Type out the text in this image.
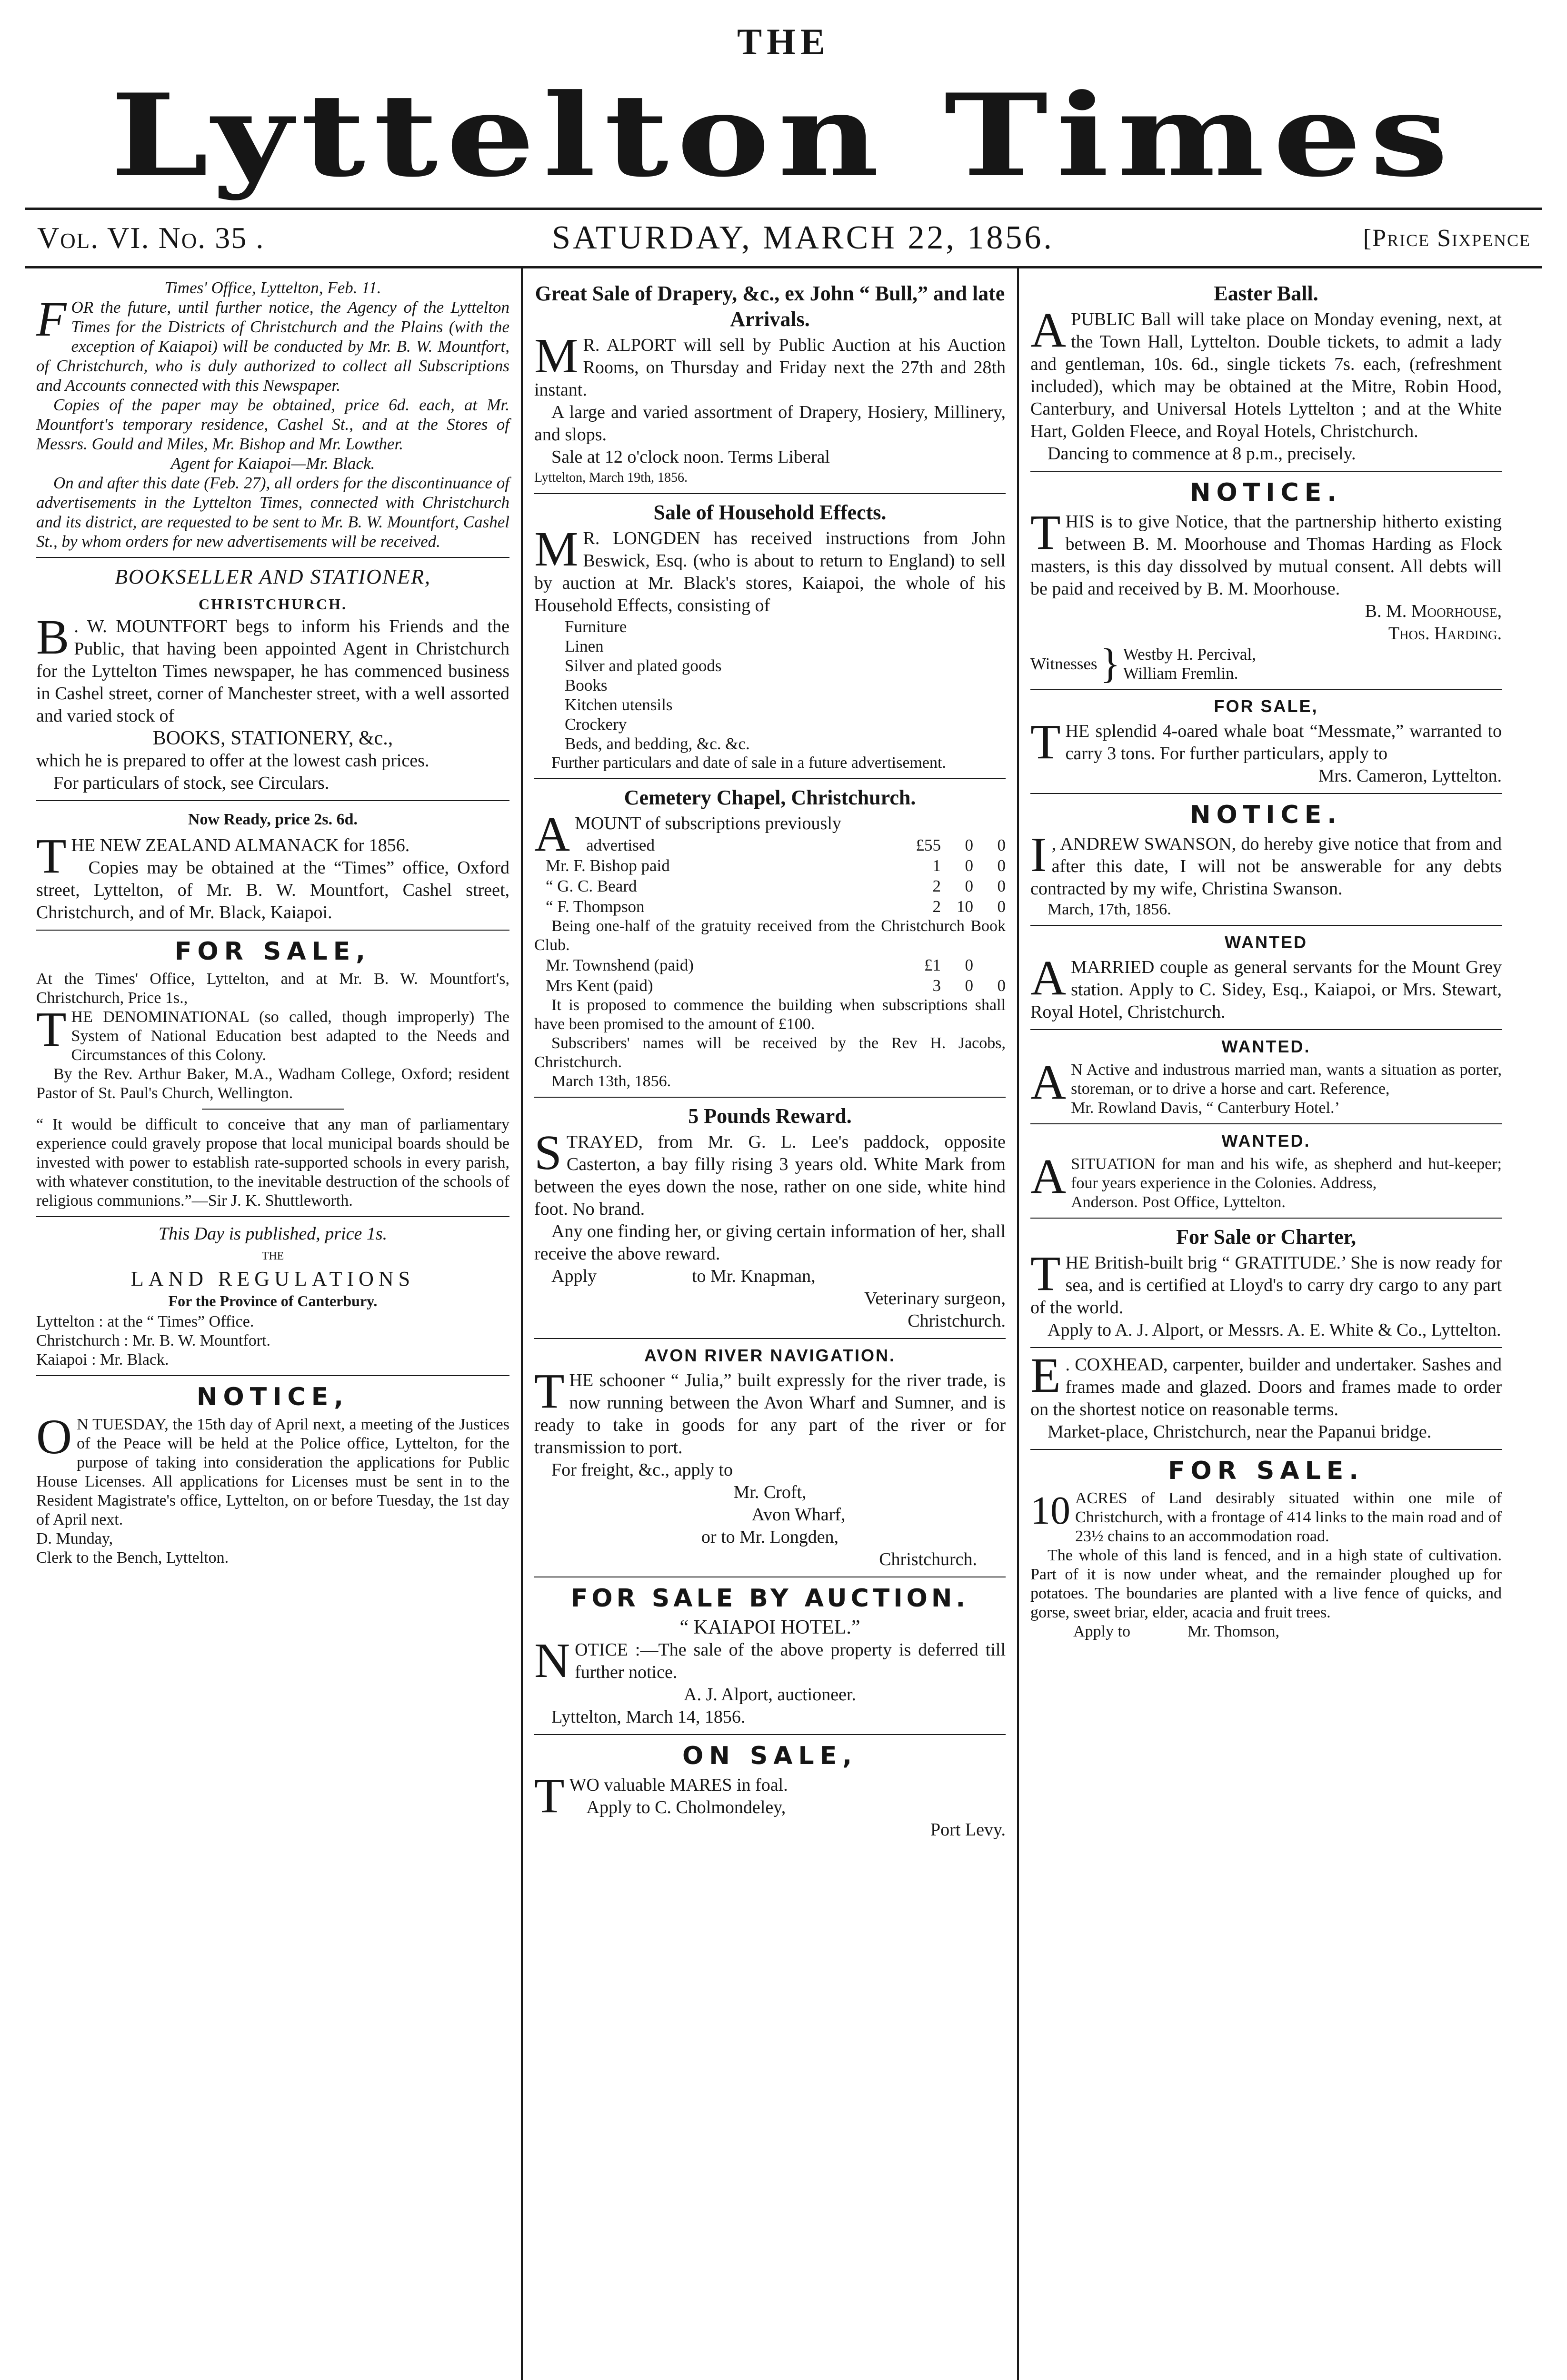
THE
Lyttelton Times
Vol. VI. No. 35 .	SATURDAY, MARCH 22, 1856.	[Price Sixpence

Times' Office, Lyttelton, Feb. 11.

FOR the future, until further notice, the Agency of the Lyttelton Times for the Districts of Christchurch and the Plains (with the exception of Kaiapoi) will be conducted by Mr. B. W. Mountfort, of Christchurch, who is duly authorized to collect all Subscriptions and Accounts connected with this Newspaper.

Copies of the paper may be obtained, price 6d. each, at Mr. Mountfort's temporary residence, Cashel St., and at the Stores of Messrs. Gould and Miles, Mr. Bishop and Mr. Lowther.

Agent for Kaiapoi—Mr. Black.

On and after this date (Feb. 27), all orders for the discontinuance of advertisements in the Lyttelton Times, connected with Christchurch and its district, are requested to be sent to Mr. B. W. Mountfort, Cashel St., by whom orders for new advertisements will be received.

BOOKSELLER AND STATIONER,

CHRISTCHURCH.

B . W. MOUNTFORT begs to inform his Friends and the Public, that having been appointed Agent in Christchurch for the Lyttelton Times newspaper, he has commenced business in Cashel street, corner of Manchester street, with a well assorted and varied stock of

BOOKS, STATIONERY, &c.,

which he is prepared to offer at the lowest cash prices.

For particulars of stock, see Circulars.

Now Ready, price 2s. 6d.

THE NEW ZEALAND ALMANACK for 1856.

Copies may be obtained at the “Times” office, Oxford street, Lyttelton, of Mr. B. W. Mountfort, Cashel street, Christchurch, and of Mr. Black, Kaiapoi.

FOR SALE,

At the Times' Office, Lyttelton, and at Mr. B. W. Mountfort's, Christchurch, Price 1s.,

THE DENOMINATIONAL (so called, though improperly) The System of National Education best adapted to the Needs and Circumstances of this Colony.

By the Rev. Arthur Baker, M.A., Wadham College, Oxford; resident Pastor of St. Paul's Church, Wellington.

“ It would be difficult to conceive that any man of parliamentary experience could gravely propose that local municipal boards should be invested with power to establish rate-supported schools in every parish, with whatever constitution, to the inevitable destruction of the schools of religious communions.”—Sir J. K. Shuttleworth.

This Day is published, price 1s.

THE

LAND REGULATIONS

For the Province of Canterbury.

Lyttelton : at the “ Times” Office.

Christchurch : Mr. B. W. Mountfort.

Kaiapoi : Mr. Black.

NOTICE,

O N TUESDAY, the 15th day of April next, a meeting of the Justices of the Peace will be held at the Police office, Lyttelton, for the purpose of taking into consideration the applications for Public House Licenses. All applications for Licenses must be sent in to the Resident Magistrate's office, Lyttelton, on or before Tuesday, the 1st day of April next.

D. Munday,

Clerk to the Bench, Lyttelton.

Great Sale of Drapery, &c., ex John “ Bull,” and late Arrivals.

M R. ALPORT will sell by Public Auction at his Auction Rooms, on Thursday and Friday next the 27th and 28th instant.

A large and varied assortment of Drapery, Hosiery, Millinery, and slops.

Sale at 12 o'clock noon. Terms Liberal

Lyttelton, March 19th, 1856.

Sale of Household Effects.

M R. LONGDEN has received instructions from John Beswick, Esq. (who is about to return to England) to sell by auction at Mr. Black's stores, Kaiapoi, the whole of his Household Effects, consisting of

Furniture
Linen
Silver and plated goods
Books
Kitchen utensils
Crockery
Beds, and bedding, &c. &c.

Further particulars and date of sale in a future advertisement.

Cemetery Chapel, Christchurch.

AMOUNT of subscriptions previously

advertised	£55	0	0
Mr. F. Bishop paid	1	0	0
“ G. C. Beard	2	0	0
“ F. Thompson	2 10	0

Being one-half of the gratuity received from the Christchurch Book Club.

Mr. Townshend (paid)	£1	0
Mrs Kent (paid)	3	0	0

It is proposed to commence the building when subscriptions shall have been promised to the amount of £100.

Subscribers' names will be received by the Rev H. Jacobs, Christchurch.

March 13th, 1856.

5 Pounds Reward.

STRAYED, from Mr. G. L. Lee's paddock, opposite Casterton, a bay filly rising 3 years old. White Mark from between the eyes down the nose, rather on one side, white hind foot. No brand.

Any one finding her, or giving certain information of her, shall receive the above reward.

Apply	to Mr. Knapman,

Veterinary surgeon,

Christchurch.

AVON RIVER NAVIGATION.

THE schooner “ Julia,” built expressly for the river trade, is now running between the Avon Wharf and Sumner, and is ready to take in goods for any part of the river or for transmission to port.

For freight, &c., apply to

Mr. Croft,

Avon Wharf,

or to Mr. Longden,

Christchurch.

FOR SALE BY AUCTION.

“ KAIAPOI HOTEL.”

NOTICE :—The sale of the above property is deferred till further notice.

A. J. Alport, auctioneer.

Lyttelton, March 14, 1856.

ON SALE,

TWO valuable MARES in foal.

Apply to C. Cholmondeley,

Port Levy.

Easter Ball.

APUBLIC Ball will take place on Monday evening, next, at the Town Hall, Lyttelton. Double tickets, to admit a lady and gentleman, 10s. 6d., single tickets 7s. each, (refreshment included), which may be obtained at the Mitre, Robin Hood, Canterbury, and Universal Hotels Lyttelton ; and at the White Hart, Golden Fleece, and Royal Hotels, Christchurch.

Dancing to commence at 8 p.m., precisely.

NOTICE.

THIS is to give Notice, that the partnership hitherto existing between B. M. Moorhouse and Thomas Harding as Flock masters, is this day dissolved by mutual consent. All debts will be paid and received by B. M. Moorhouse.

B. M. Moorhouse,

Thos. Harding.

Witnesses } Westby H. Percival,
William Fremlin.
FOR SALE,

THE splendid 4-oared whale boat “Messmate,” warranted to carry 3 tons. For further particulars, apply to

Mrs. Cameron, Lyttelton.

NOTICE.

I , ANDREW SWANSON, do hereby give notice that from and after this date, I will not be answerable for any debts contracted by my wife, Christina Swanson.

March, 17th, 1856.

WANTED

AMARRIED couple as general servants for the Mount Grey station. Apply to C. Sidey, Esq., Kaiapoi, or Mrs. Stewart, Royal Hotel, Christchurch.

WANTED.

A N Active and industrous married man, wants a situation as porter, storeman, or to drive a horse and cart. Reference,

Mr. Rowland Davis, “ Canterbury Hotel.’

WANTED.

ASITUATION for man and his wife, as shepherd and hut-keeper; four years experience in the Colonies. Address,

Anderson. Post Office, Lyttelton.

For Sale or Charter,

THE British-built brig “ GRATITUDE.’ She is now ready for sea, and is certified at Lloyd's to carry dry cargo to any part of the world.

Apply to A. J. Alport, or Messrs. A. E. White & Co., Lyttelton.

E . COXHEAD, carpenter, builder and undertaker. Sashes and frames made and glazed. Doors and frames made to order on the shortest notice on reasonable terms.

Market-place, Christchurch, near the Papanui bridge.

FOR SALE.

10 ACRES of Land desirably situated within one mile of Christchurch, with a frontage of 414 links to the main road and of 23½ chains to an accommodation road.

The whole of this land is fenced, and in a high state of cultivation. Part of it is now under wheat, and the remainder ploughed up for potatoes. The boundaries are planted with a live fence of quicks, and gorse, sweet briar, elder, acacia and fruit trees.

Apply to	Mr. Thomson,
